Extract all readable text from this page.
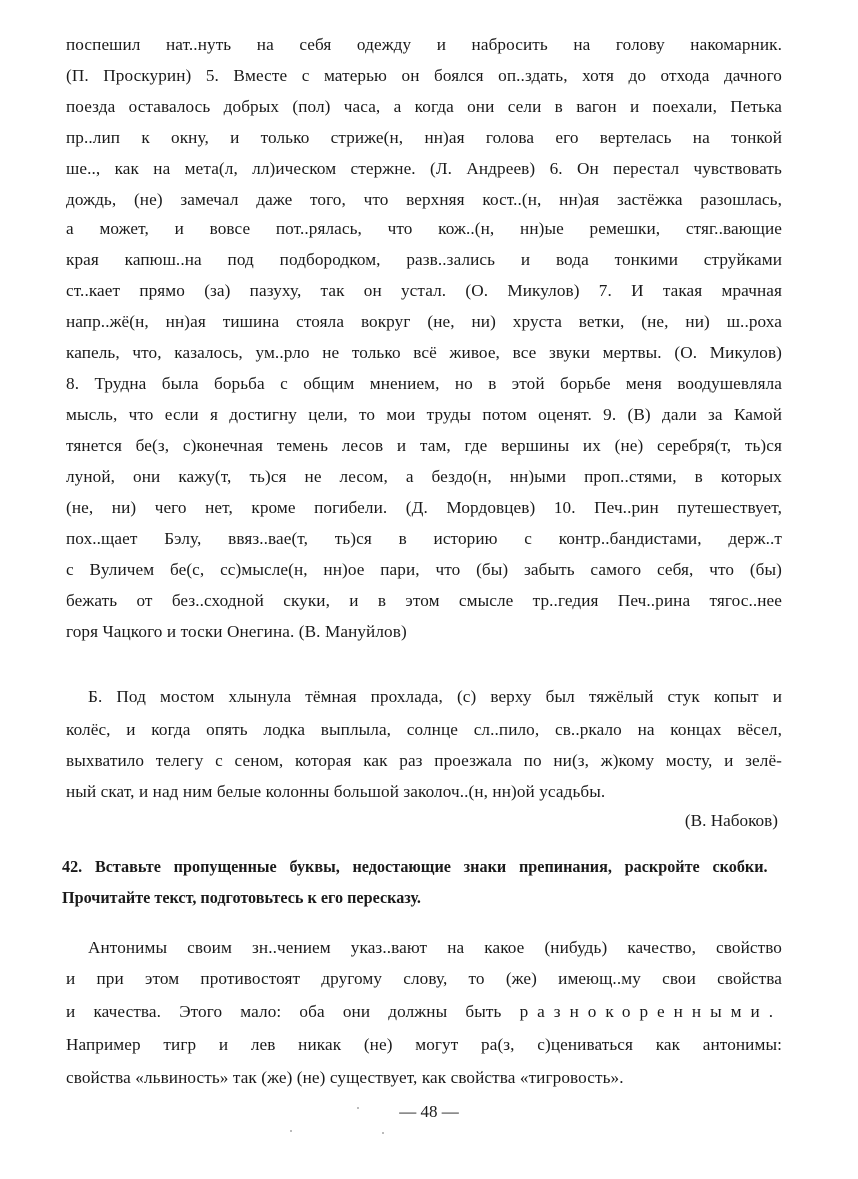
поспешил нат..нуть на себя одежду и набросить на голову накомарник.
(П. Проскурин) 5. Вместе с матерью он боялся оп..здать, хотя до отхода дачного
поезда оставалось добрых (пол) часа, а когда они сели в вагон и поехали, Петька
пр..лип к окну, и только стриже(н, нн)ая голова его вертелась на тонкой
ше.., как на мета(л, лл)ическом стержне. (Л. Андреев) 6. Он перестал чувствовать
дождь, (не) замечал даже того, что верхняя кост..(н, нн)ая застёжка разошлась,
а может, и вовсе пот..рялась, что кож..(н, нн)ые ремешки, стяг..вающие
края капюш..на под подбородком, разв..зались и вода тонкими струйками
ст..кает прямо (за) пазуху, так он устал. (О. Микулов) 7. И такая мрачная
напр..жё(н, нн)ая тишина стояла вокруг (не, ни) хруста ветки, (не, ни) ш..роха
капель, что, казалось, ум..рло не только всё живое, все звуки мертвы. (О. Микулов)
8. Трудна была борьба с общим мнением, но в этой борьбе меня воодушевляла
мысль, что если я достигну цели, то мои труды потом оценят. 9. (В) дали за Камой
тянется бе(з, с)конечная темень лесов и там, где вершины их (не) серебря(т, ть)ся
луной, они кажу(т, ть)ся не лесом, а бездо(н, нн)ыми проп..стями, в которых
(не, ни) чего нет, кроме погибели. (Д. Мордовцев) 10. Печ..рин путешествует,
пох..щает Бэлу, ввяз..вае(т, ть)ся в историю с контр..бандистами, держ..т
с Вуличем бе(с, сс)мысле(н, нн)ое пари, что (бы) забыть самого себя, что (бы)
бежать от без..сходной скуки, и в этом смысле тр..гедия Печ..рина тягос..нее
горя Чацкого и тоски Онегина. (В. Мануйлов)
Б. Под мостом хлынула тёмная прохлада, (с) верху был тяжёлый стук копыт и
колёс, и когда опять лодка выплыла, солнце сл..пило, св..ркало на концах вёсел,
выхватило телегу с сеном, которая как раз проезжала по ни(з, ж)кому мосту, и зелё-
ный скат, и над ним белые колонны большой заколоч..(н, нн)ой усадьбы.
(В. Набоков)
42. Вставьте пропущенные буквы, недостающие знаки препинания, раскройте скобки.
Прочитайте текст, подготовьтесь к его пересказу.
Антонимы своим зн..чением указ..вают на какое (нибудь) качество, свойство
и при этом противостоят другому слову, то (же) имеющ..му свои свойства
и качества. Этого мало: оба они должны быть разнокоренными.
Например тигр и лев никак (не) могут ра(з, с)цениваться как антонимы:
свойства «львиность» так (же) (не) существует, как свойства «тигровость».
— 48 —
